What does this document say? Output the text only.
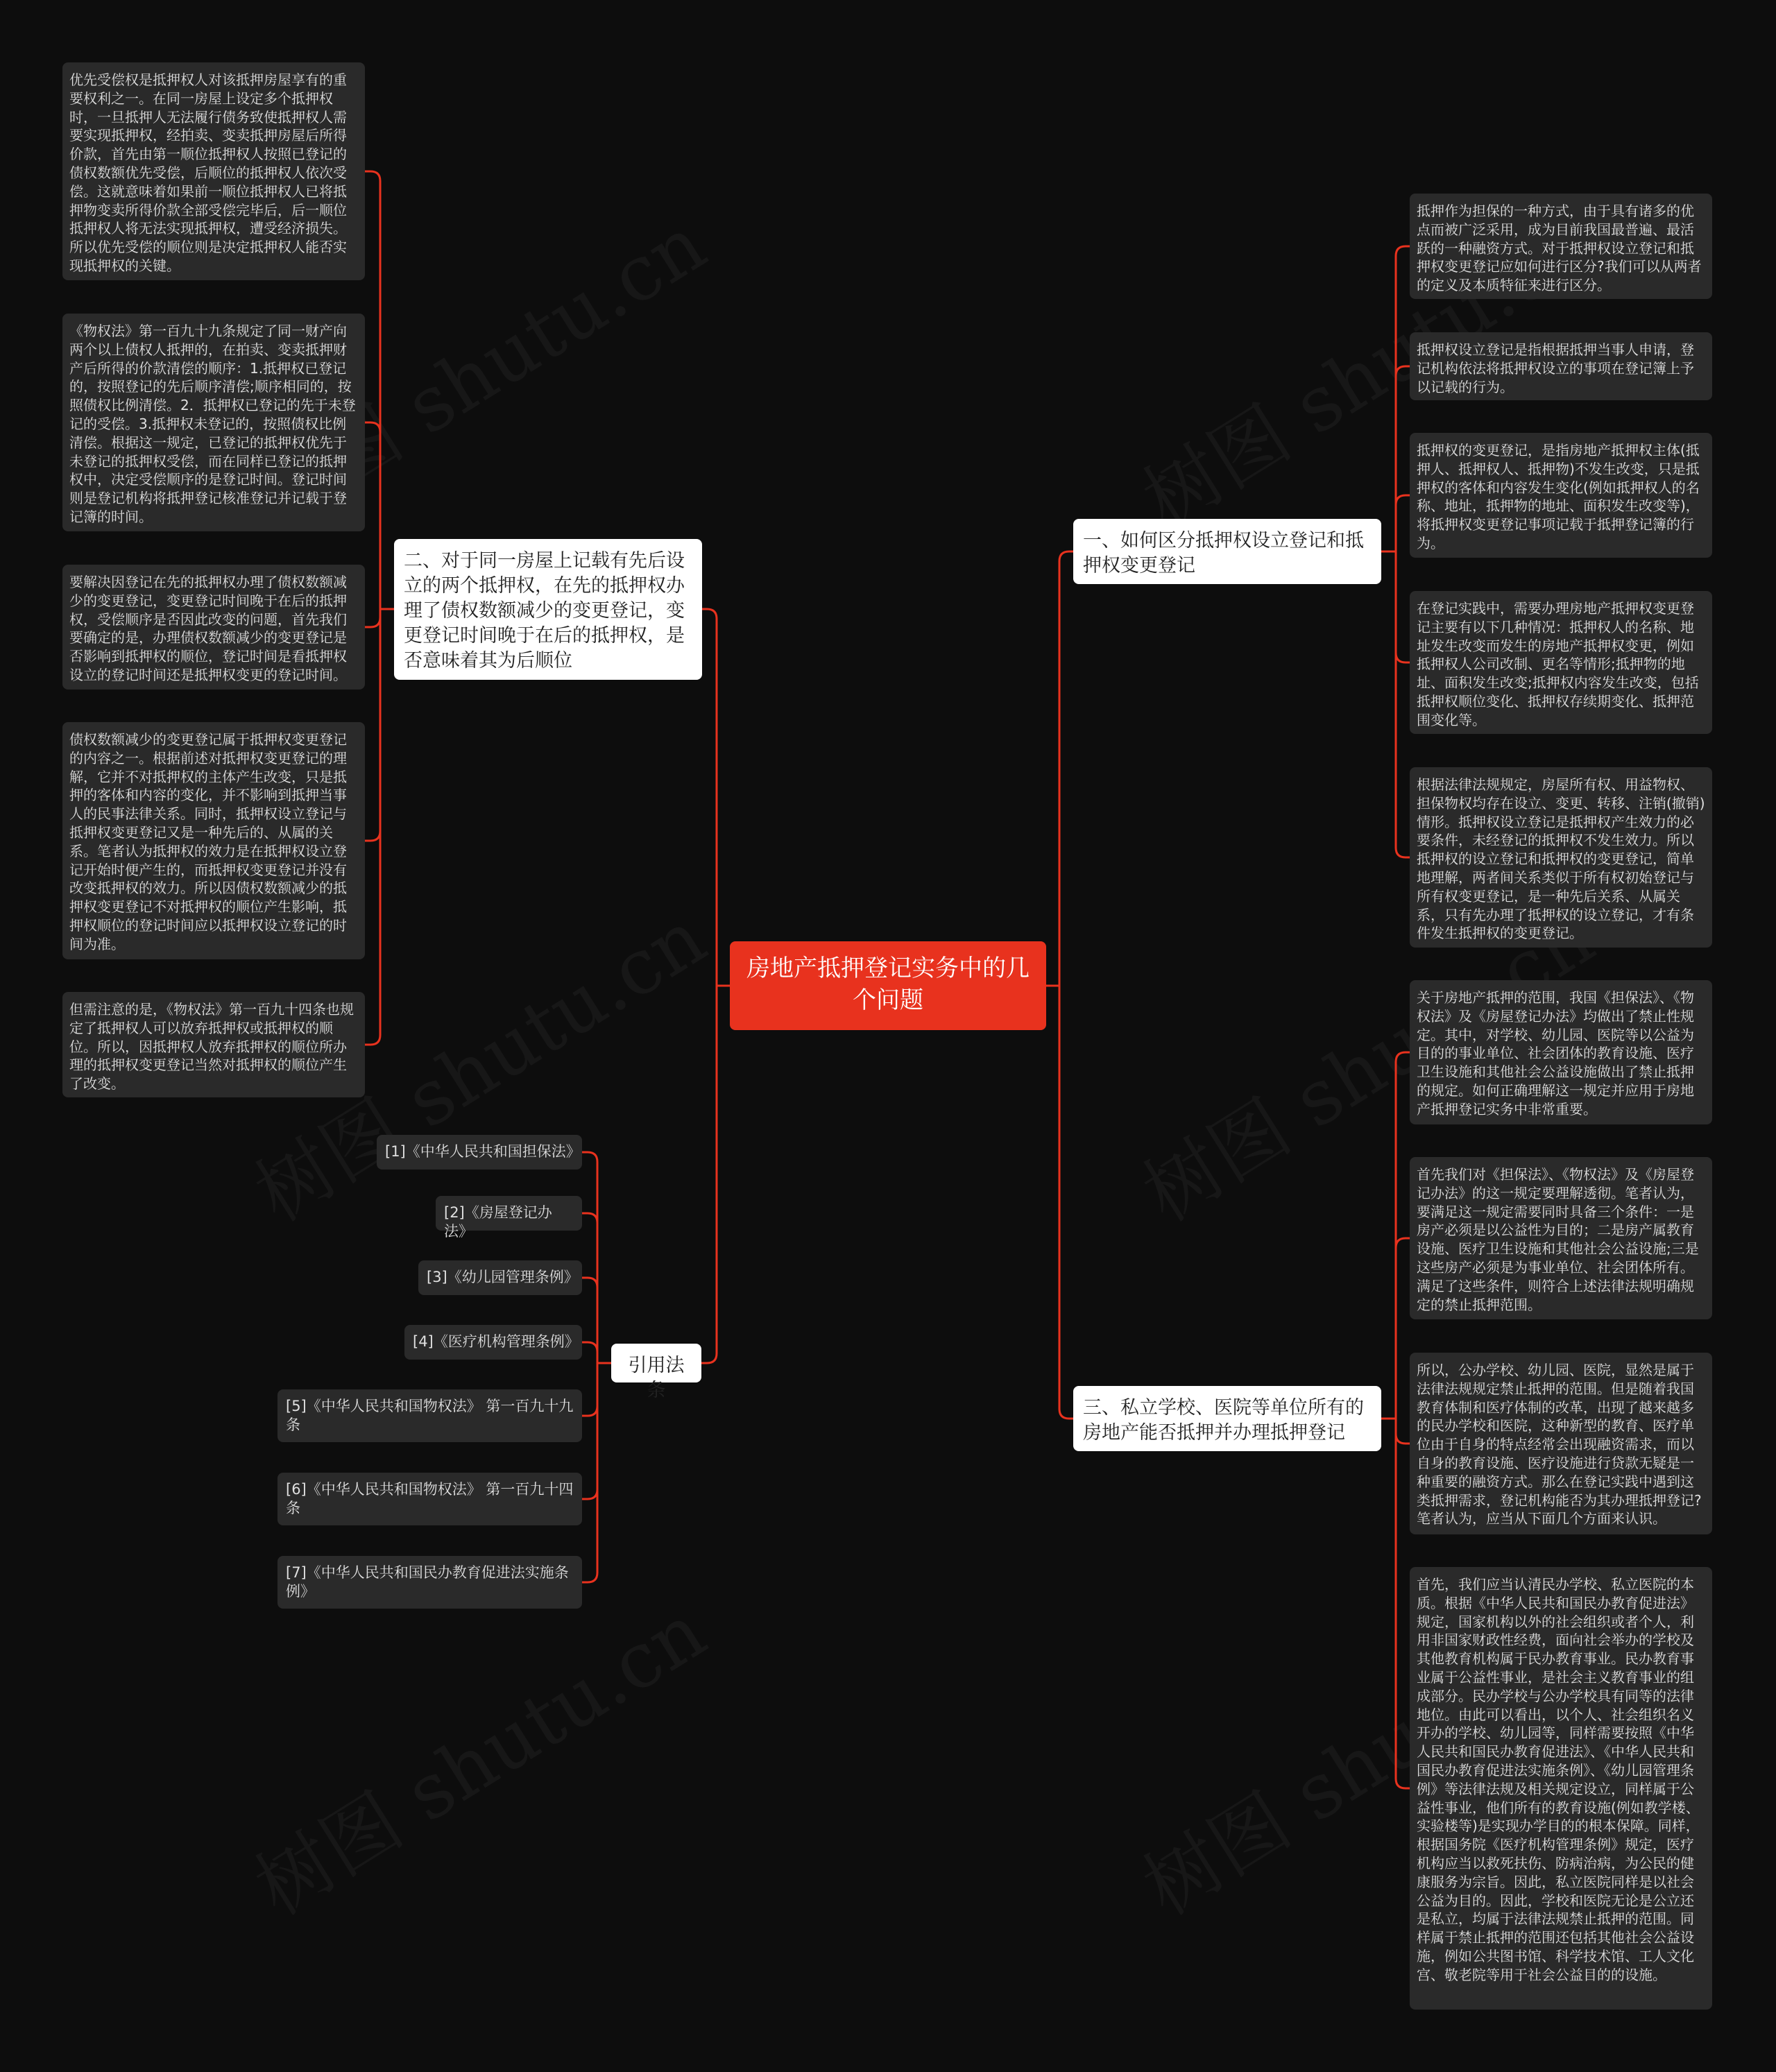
房地产抵押登记实务中的几个问题
一、如何区分抵押权设立登记和抵押权变更登记
二、对于同一房屋上记载有先后设立的两个抵押权，在先的抵押权办理了债权数额减少的变更登记，变更登记时间晚于在后的抵押权，是否意味着其为后顺位
三、私立学校、医院等单位所有的房地产能否抵押并办理抵押登记
引用法条
抵押作为担保的一种方式，由于具有诸多的优点而被广泛采用，成为目前我国最普遍、最活跃的一种融资方式。对于抵押权设立登记和抵押权变更登记应如何进行区分?我们可以从两者的定义及本质特征来进行区分。
抵押权设立登记是指根据抵押当事人申请，登记机构依法将抵押权设立的事项在登记簿上予以记载的行为。
抵押权的变更登记，是指房地产抵押权主体(抵押人、抵押权人、抵押物)不发生改变，只是抵押权的客体和内容发生变化(例如抵押权人的名称、地址，抵押物的地址、面积发生改变等)，将抵押权变更登记事项记载于抵押登记簿的行为。
在登记实践中，需要办理房地产抵押权变更登记主要有以下几种情况：抵押权人的名称、地址发生改变而发生的房地产抵押权变更，例如抵押权人公司改制、更名等情形;抵押物的地址、面积发生改变;抵押权内容发生改变，包括抵押权顺位变化、抵押权存续期变化、抵押范围变化等。
根据法律法规规定，房屋所有权、用益物权、担保物权均存在设立、变更、转移、注销(撤销)情形。抵押权设立登记是抵押权产生效力的必要条件，未经登记的抵押权不发生效力。所以抵押权的设立登记和抵押权的变更登记，简单地理解，两者间关系类似于所有权初始登记与所有权变更登记，是一种先后关系、从属关系，只有先办理了抵押权的设立登记，才有条件发生抵押权的变更登记。
优先受偿权是抵押权人对该抵押房屋享有的重要权利之一。在同一房屋上设定多个抵押权时，一旦抵押人无法履行债务致使抵押权人需要实现抵押权，经拍卖、变卖抵押房屋后所得价款，首先由第一顺位抵押权人按照已登记的债权数额优先受偿，后顺位的抵押权人依次受偿。这就意味着如果前一顺位抵押权人已将抵押物变卖所得价款全部受偿完毕后，后一顺位抵押权人将无法实现抵押权，遭受经济损失。所以优先受偿的顺位则是决定抵押权人能否实现抵押权的关键。
《物权法》第一百九十九条规定了同一财产向两个以上债权人抵押的，在拍卖、变卖抵押财产后所得的价款清偿的顺序：1.抵押权已登记的，按照登记的先后顺序清偿;顺序相同的，按照债权比例清偿。2．抵押权已登记的先于未登记的受偿。3.抵押权未登记的，按照债权比例清偿。根据这一规定，已登记的抵押权优先于未登记的抵押权受偿，而在同样已登记的抵押权中，决定受偿顺序的是登记时间。登记时间则是登记机构将抵押登记核准登记并记载于登记簿的时间。
要解决因登记在先的抵押权办理了债权数额减少的变更登记，变更登记时间晚于在后的抵押权，受偿顺序是否因此改变的问题，首先我们要确定的是，办理债权数额减少的变更登记是否影响到抵押权的顺位，登记时间是看抵押权设立的登记时间还是抵押权变更的登记时间。
债权数额减少的变更登记属于抵押权变更登记的内容之一。根据前述对抵押权变更登记的理解，它并不对抵押权的主体产生改变，只是抵押的客体和内容的变化，并不影响到抵押当事人的民事法律关系。同时，抵押权设立登记与抵押权变更登记又是一种先后的、从属的关系。笔者认为抵押权的效力是在抵押权设立登记开始时便产生的，而抵押权变更登记并没有改变抵押权的效力。所以因债权数额减少的抵押权变更登记不对抵押权的顺位产生影响，抵押权顺位的登记时间应以抵押权设立登记的时间为准。
但需注意的是，《物权法》第一百九十四条也规定了抵押权人可以放弃抵押权或抵押权的顺位。所以，因抵押权人放弃抵押权的顺位所办理的抵押权变更登记当然对抵押权的顺位产生了改变。
关于房地产抵押的范围，我国《担保法》、《物权法》及《房屋登记办法》均做出了禁止性规定。其中，对学校、幼儿园、医院等以公益为目的的事业单位、社会团体的教育设施、医疗卫生设施和其他社会公益设施做出了禁止抵押的规定。如何正确理解这一规定并应用于房地产抵押登记实务中非常重要。
首先我们对《担保法》、《物权法》及《房屋登记办法》的这一规定要理解透彻。笔者认为，要满足这一规定需要同时具备三个条件：一是房产必须是以公益性为目的；二是房产属教育设施、医疗卫生设施和其他社会公益设施;三是这些房产必须是为事业单位、社会团体所有。满足了这些条件，则符合上述法律法规明确规定的禁止抵押范围。
所以，公办学校、幼儿园、医院，显然是属于法律法规规定禁止抵押的范围。但是随着我国教育体制和医疗体制的改革，出现了越来越多的民办学校和医院，这种新型的教育、医疗单位由于自身的特点经常会出现融资需求，而以自身的教育设施、医疗设施进行贷款无疑是一种重要的融资方式。那么在登记实践中遇到这类抵押需求，登记机构能否为其办理抵押登记?笔者认为，应当从下面几个方面来认识。
首先，我们应当认清民办学校、私立医院的本质。根据《中华人民共和国民办教育促进法》规定，国家机构以外的社会组织或者个人，利用非国家财政性经费，面向社会举办的学校及其他教育机构属于民办教育事业。民办教育事业属于公益性事业，是社会主义教育事业的组成部分。民办学校与公办学校具有同等的法律地位。由此可以看出，以个人、社会组织名义开办的学校、幼儿园等，同样需要按照《中华人民共和国民办教育促进法》、《中华人民共和国民办教育促进法实施条例》、《幼儿园管理条例》等法律法规及相关规定设立，同样属于公益性事业，他们所有的教育设施(例如教学楼、实验楼等)是实现办学目的的根本保障。同样，根据国务院《医疗机构管理条例》规定，医疗机构应当以救死扶伤、防病治病，为公民的健康服务为宗旨。因此，私立医院同样是以社会公益为目的。因此，学校和医院无论是公立还是私立，均属于法律法规禁止抵押的范围。同样属于禁止抵押的范围还包括其他社会公益设施，例如公共图书馆、科学技术馆、工人文化宫、敬老院等用于社会公益目的的设施。
[1]《中华人民共和国担保法》
[2]《房屋登记办法》
[3]《幼儿园管理条例》
[4]《医疗机构管理条例》
[5]《中华人民共和国物权法》 第一百九十九条
[6]《中华人民共和国物权法》 第一百九十四条
[7]《中华人民共和国民办教育促进法实施条例》
